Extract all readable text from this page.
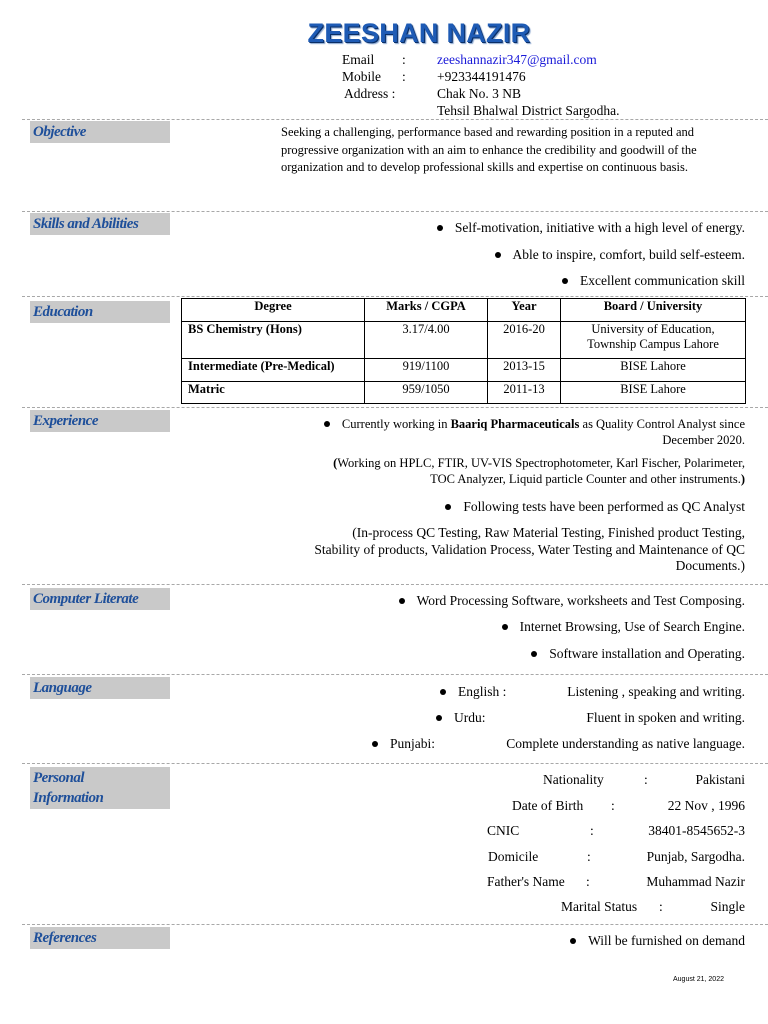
ZEESHAN NAZIR
Email	:	zeeshannazir347@gmail.com
Mobile	:	+923344191476
Address :	Chak No. 3 NB
Tehsil Bhalwal District Sargodha.
Objective	Seeking a challenging, performance based and rewarding position in a reputed and progressive organization with an aim to enhance the credibility and goodwill of the organization and to develop professional skills and expertise on continuous basis.
Skills and Abilities	Self-motivation, initiative with a high level of energy.
Able to inspire, comfort, build self-esteem.
Excellent communication skill
Education	Degree	Marks / CGPA	Year	Board / University
BS Chemistry (Hons)	3.17/4.00	2016-20	University of Education,
Township Campus Lahore

Intermediate (Pre-Medical)	919/1100	2013-15	BISE Lahore
Matric	959/1050	2011-13	BISE Lahore
Experience	Currently working in Baariq Pharmaceuticals as Quality Control Analyst since
December 2020.
(Working on HPLC, FTIR, UV-VIS Spectrophotometer, Karl Fischer, Polarimeter,
TOC Analyzer, Liquid particle Counter and other instruments.)
Following tests have been performed as QC Analyst
(In-process QC Testing, Raw Material Testing, Finished product Testing,
Stability of products, Validation Process, Water Testing and Maintenance of QC
Documents.)
Computer Literate	Word Processing Software, worksheets and Test Composing.
Internet Browsing, Use of Search Engine.
Software installation and Operating.
Language	English :	Listening , speaking and writing.
Urdu:	Fluent in spoken and writing.
Punjabi:	Complete understanding as native language.
Personal
Information
Nationality	:	Pakistani
Date of Birth :	22 Nov , 1996
CNIC	:	38401-8545652-3
Domicile	:	Punjab, Sargodha.
Father's Name :	Muhammad Nazir
Marital Status :	Single
References	Will be furnished on demand
August 21, 2022
